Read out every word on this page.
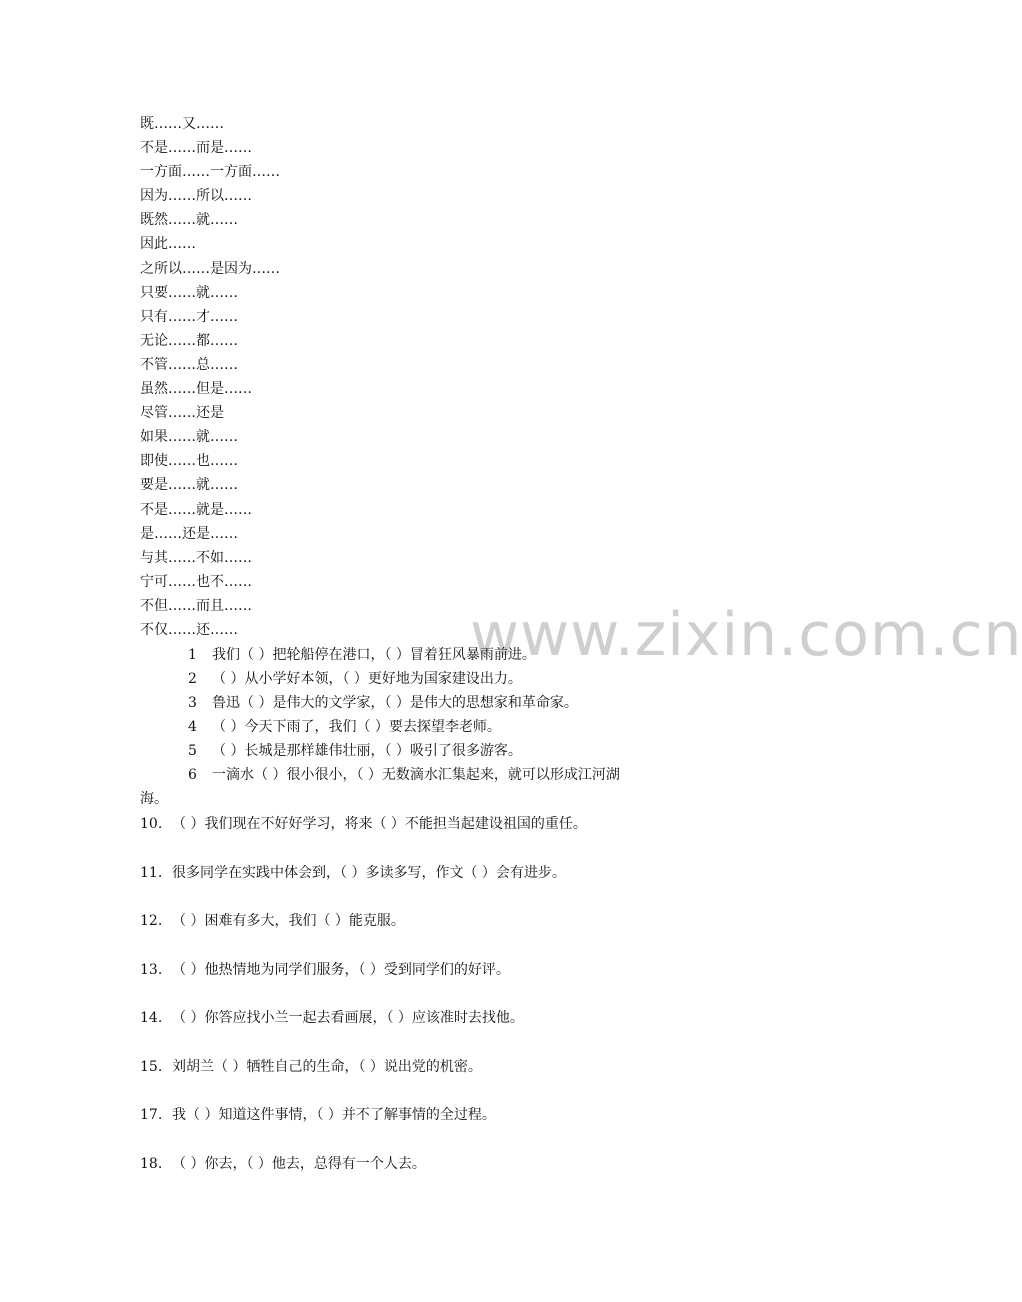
www.zixin.com.cn
既……又……
不是……而是……
一方面……一方面……
因为……所以……
既然……就……
因此……
之所以……是因为……
只要……就……
只有……才……
无论……都……
不管……总……
虽然……但是……
尽管……还是
如果……就……
即使……也……
要是……就……
不是……就是……
是……还是……
与其……不如……
宁可……也不……
不但……而且……
不仅……还……
1 我们（ ）把轮船停在港口，（ ）冒着狂风暴雨前进。
2 （ ）从小学好本领，（ ）更好地为国家建设出力。
3 鲁迅（ ）是伟大的文学家，（ ）是伟大的思想家和革命家。
4 （ ）今天下雨了，我们（ ）要去探望李老师。
5 （ ）长城是那样雄伟壮丽，（ ）吸引了很多游客。
6 一滴水（ ）很小很小，（ ）无数滴水汇集起来，就可以形成江河湖
海。
10. （ ）我们现在不好好学习，将来（ ）不能担当起建设祖国的重任。
11. 很多同学在实践中体会到，（ ）多读多写，作文（ ）会有进步。
12. （ ）困难有多大，我们（ ）能克服。
13. （ ）他热情地为同学们服务，（ ）受到同学们的好评。
14. （ ）你答应找小兰一起去看画展，（ ）应该准时去找他。
15. 刘胡兰（ ）牺牲自己的生命，（ ）说出党的机密。
17. 我（ ）知道这件事情，（ ）并不了解事情的全过程。
18. （ ）你去，（ ）他去，总得有一个人去。
